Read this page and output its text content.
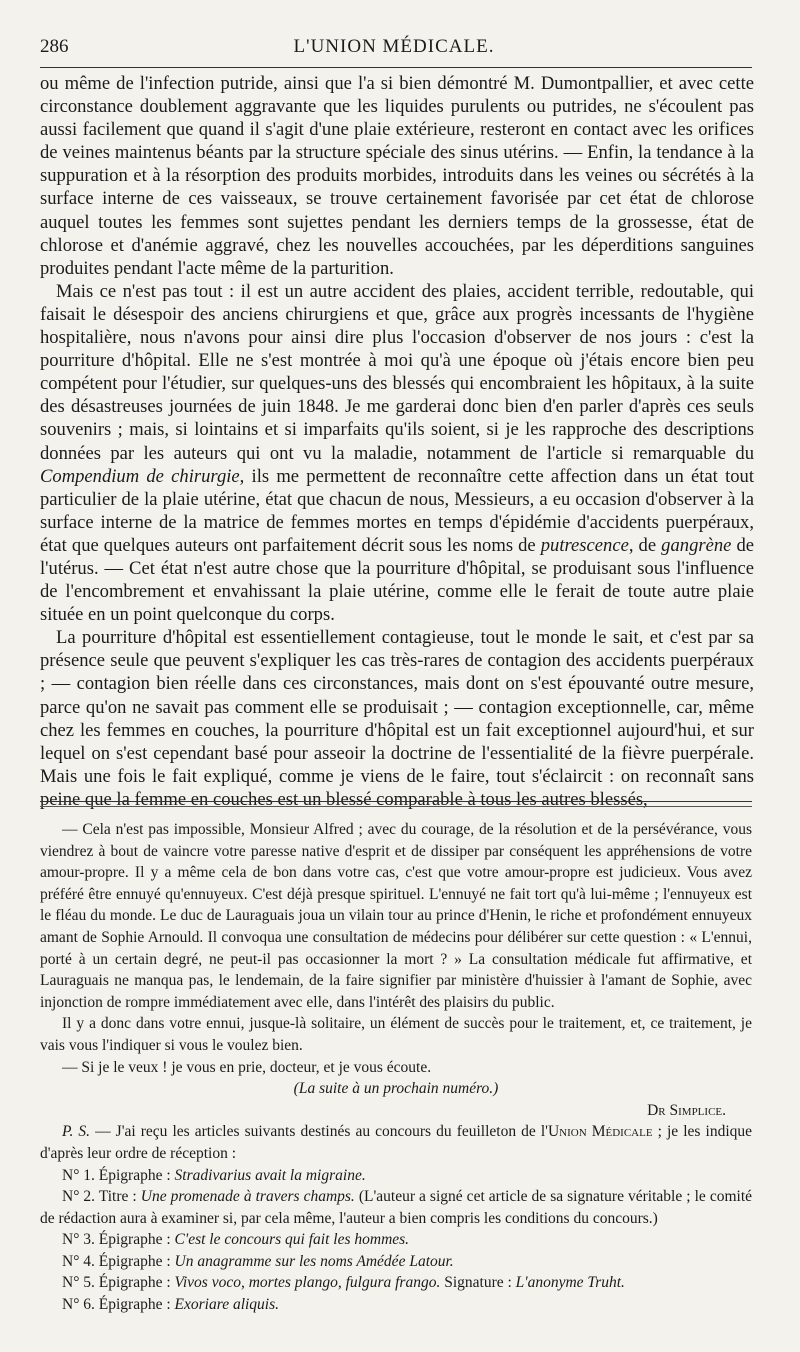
286	L'UNION MÉDICALE.

ou même de l'infection putride, ainsi que l'a si bien démontré M. Dumontpallier, et avec cette circonstance doublement aggravante que les liquides purulents ou putrides, ne s'écoulent pas aussi facilement que quand il s'agit d'une plaie extérieure, resteront en contact avec les orifices de veines maintenus béants par la structure spéciale des sinus utérins. — Enfin, la tendance à la suppuration et à la résorption des produits morbides, introduits dans les veines ou sécrétés à la surface interne de ces vaisseaux, se trouve certainement favorisée par cet état de chlorose auquel toutes les femmes sont sujettes pendant les derniers temps de la grossesse, état de chlorose et d'anémie aggravé, chez les nouvelles accouchées, par les déperditions sanguines produites pendant l'acte même de la parturition.

Mais ce n'est pas tout : il est un autre accident des plaies, accident terrible, redoutable, qui faisait le désespoir des anciens chirurgiens et que, grâce aux progrès incessants de l'hygiène hospitalière, nous n'avons pour ainsi dire plus l'occasion d'observer de nos jours : c'est la pourriture d'hôpital. Elle ne s'est montrée à moi qu'à une époque où j'étais encore bien peu compétent pour l'étudier, sur quelques-uns des blessés qui encombraient les hôpitaux, à la suite des désastreuses journées de juin 1848. Je me garderai donc bien d'en parler d'après ces seuls souvenirs ; mais, si lointains et si imparfaits qu'ils soient, si je les rapproche des descriptions données par les auteurs qui ont vu la maladie, notamment de l'article si remarquable du Compendium de chirurgie, ils me permettent de reconnaître cette affection dans un état tout particulier de la plaie utérine, état que chacun de nous, Messieurs, a eu occasion d'observer à la surface interne de la matrice de femmes mortes en temps d'épidémie d'accidents puerpéraux, état que quelques auteurs ont parfaitement décrit sous les noms de putrescence, de gangrène de l'utérus. — Cet état n'est autre chose que la pourriture d'hôpital, se produisant sous l'influence de l'encombrement et envahissant la plaie utérine, comme elle le ferait de toute autre plaie située en un point quelconque du corps.

La pourriture d'hôpital est essentiellement contagieuse, tout le monde le sait, et c'est par sa présence seule que peuvent s'expliquer les cas très-rares de contagion des accidents puerpéraux ; — contagion bien réelle dans ces circonstances, mais dont on s'est épouvanté outre mesure, parce qu'on ne savait pas comment elle se produisait ; — contagion exceptionnelle, car, même chez les femmes en couches, la pourriture d'hôpital est un fait exceptionnel aujourd'hui, et sur lequel on s'est cependant basé pour asseoir la doctrine de l'essentialité de la fièvre puerpérale. Mais une fois le fait expliqué, comme je viens de le faire, tout s'éclaircit : on reconnaît sans peine que la femme en couches est un blessé comparable à tous les autres blessés,

— Cela n'est pas impossible, Monsieur Alfred ; avec du courage, de la résolution et de la persévérance, vous viendrez à bout de vaincre votre paresse native d'esprit et de dissiper par conséquent les appréhensions de votre amour-propre. Il y a même cela de bon dans votre cas, c'est que votre amour-propre est judicieux. Vous avez préféré être ennuyé qu'ennuyeux. C'est déjà presque spirituel. L'ennuyé ne fait tort qu'à lui-même ; l'ennuyeux est le fléau du monde. Le duc de Lauraguais joua un vilain tour au prince d'Henin, le riche et profondément ennuyeux amant de Sophie Arnould. Il convoqua une consultation de médecins pour délibérer sur cette question : « L'ennui, porté à un certain degré, ne peut-il pas occasionner la mort ? » La consultation médicale fut affirmative, et Lauraguais ne manqua pas, le lendemain, de la faire signifier par ministère d'huissier à l'amant de Sophie, avec injonction de rompre immédiatement avec elle, dans l'intérêt des plaisirs du public.

Il y a donc dans votre ennui, jusque-là solitaire, un élément de succès pour le traitement, et, ce traitement, je vais vous l'indiquer si vous le voulez bien.

— Si je le veux ! je vous en prie, docteur, et je vous écoute.

(La suite à un prochain numéro.)

Dr Simplice.

P. S. — J'ai reçu les articles suivants destinés au concours du feuilleton de l'Union Médicale ; je les indique d'après leur ordre de réception :

N° 1. Épigraphe : Stradivarius avait la migraine.

N° 2. Titre : Une promenade à travers champs. (L'auteur a signé cet article de sa signature véritable ; le comité de rédaction aura à examiner si, par cela même, l'auteur a bien compris les conditions du concours.)

N° 3. Épigraphe : C'est le concours qui fait les hommes.

N° 4. Épigraphe : Un anagramme sur les noms Amédée Latour.

N° 5. Épigraphe : Vivos voco, mortes plango, fulgura frango. Signature : L'anonyme Truht.

N° 6. Épigraphe : Exoriare aliquis.
